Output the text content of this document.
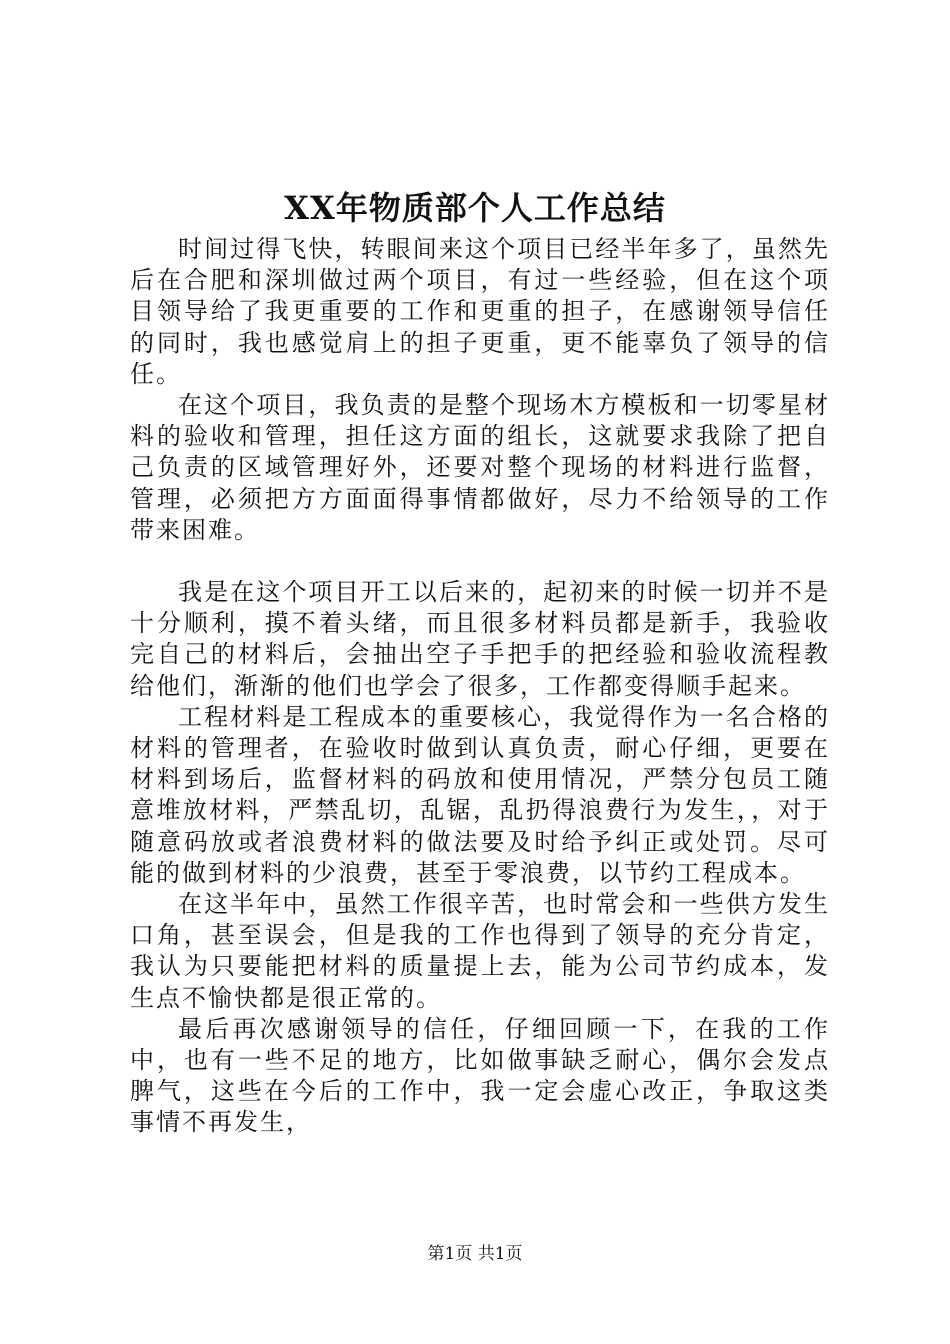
XX年物质部个人工作总结

时间过得飞快，转眼间来这个项目已经半年多了，虽然先后在合肥和深圳做过两个项目，有过一些经验，但在这个项目领导给了我更重要的工作和更重的担子，在感谢领导信任的同时，我也感觉肩上的担子更重，更不能辜负了领导的信任。

在这个项目，我负责的是整个现场木方模板和一切零星材料的验收和管理，担任这方面的组长，这就要求我除了把自己负责的区域管理好外，还要对整个现场的材料进行监督，管理，必须把方方面面得事情都做好，尽力不给领导的工作带来困难。

我是在这个项目开工以后来的，起初来的时候一切并不是十分顺利，摸不着头绪，而且很多材料员都是新手，我验收完自己的材料后，会抽出空子手把手的把经验和验收流程教给他们，渐渐的他们也学会了很多，工作都变得顺手起来。

工程材料是工程成本的重要核心，我觉得作为一名合格的材料的管理者，在验收时做到认真负责，耐心仔细，更要在材料到场后，监督材料的码放和使用情况，严禁分包员工随意堆放材料，严禁乱切，乱锯，乱扔得浪费行为发生，，对于随意码放或者浪费材料的做法要及时给予纠正或处罚。尽可能的做到材料的少浪费，甚至于零浪费，以节约工程成本。

在这半年中，虽然工作很辛苦，也时常会和一些供方发生口角，甚至误会，但是我的工作也得到了领导的充分肯定，我认为只要能把材料的质量提上去，能为公司节约成本，发生点不愉快都是很正常的。

最后再次感谢领导的信任，仔细回顾一下，在我的工作中，也有一些不足的地方，比如做事缺乏耐心，偶尔会发点脾气，这些在今后的工作中，我一定会虚心改正，争取这类事情不再发生，

第1页 共1页
